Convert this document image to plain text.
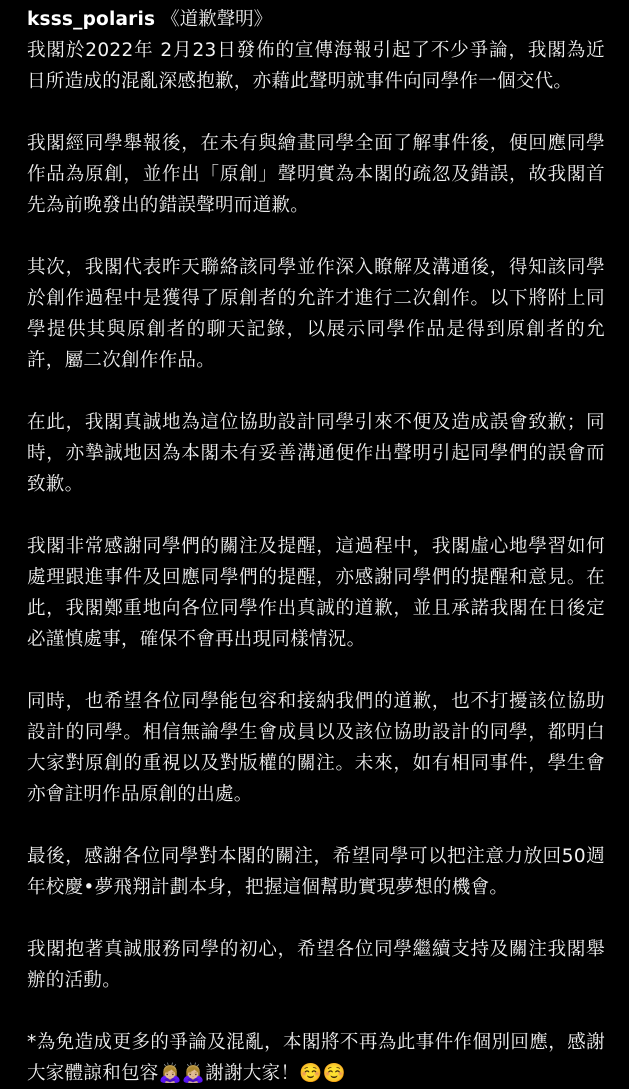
ksss_polaris 《道歉聲明》

我閣於2022年 2月23日發佈的宣傳海報引起了不少爭論，我閣為近日所造成的混亂深感抱歉，亦藉此聲明就事件向同學作一個交代。

我閣經同學舉報後，在未有與繪畫同學全面了解事件後，便回應同學作品為原創，並作出「原創」聲明實為本閣的疏忽及錯誤，故我閣首先為前晚發出的錯誤聲明而道歉。

其次，我閣代表昨天聯絡該同學並作深入瞭解及溝通後，得知該同學於創作過程中是獲得了原創者的允許才進行二次創作。以下將附上同學提供其與原創者的聊天記錄，以展示同學作品是得到原創者的允許，屬二次創作作品。

在此，我閣真誠地為這位協助設計同學引來不便及造成誤會致歉；同時，亦摯誠地因為本閣未有妥善溝通便作出聲明引起同學們的誤會而致歉。

我閣非常感謝同學們的關注及提醒，這過程中，我閣虛心地學習如何處理跟進事件及回應同學們的提醒，亦感謝同學們的提醒和意見。在此，我閣鄭重地向各位同學作出真誠的道歉，並且承諾我閣在日後定必謹慎處事，確保不會再出現同樣情況。

同時，也希望各位同學能包容和接納我們的道歉，也不打擾該位協助設計的同學。相信無論學生會成員以及該位協助設計的同學，都明白大家對原創的重視以及對版權的關注。未來，如有相同事件，學生會亦會註明作品原創的出處。

最後，感謝各位同學對本閣的關注，希望同學可以把注意力放回50週年校慶•夢飛翔計劃本身，把握這個幫助實現夢想的機會。

我閣抱著真誠服務同學的初心，希望各位同學繼續支持及關注我閣舉辦的活動。

*為免造成更多的爭論及混亂，本閣將不再為此事件作個別回應，感謝大家體諒和包容🙇🏼‍♀️🙇🏼‍♀️謝謝大家！☺️☺️
